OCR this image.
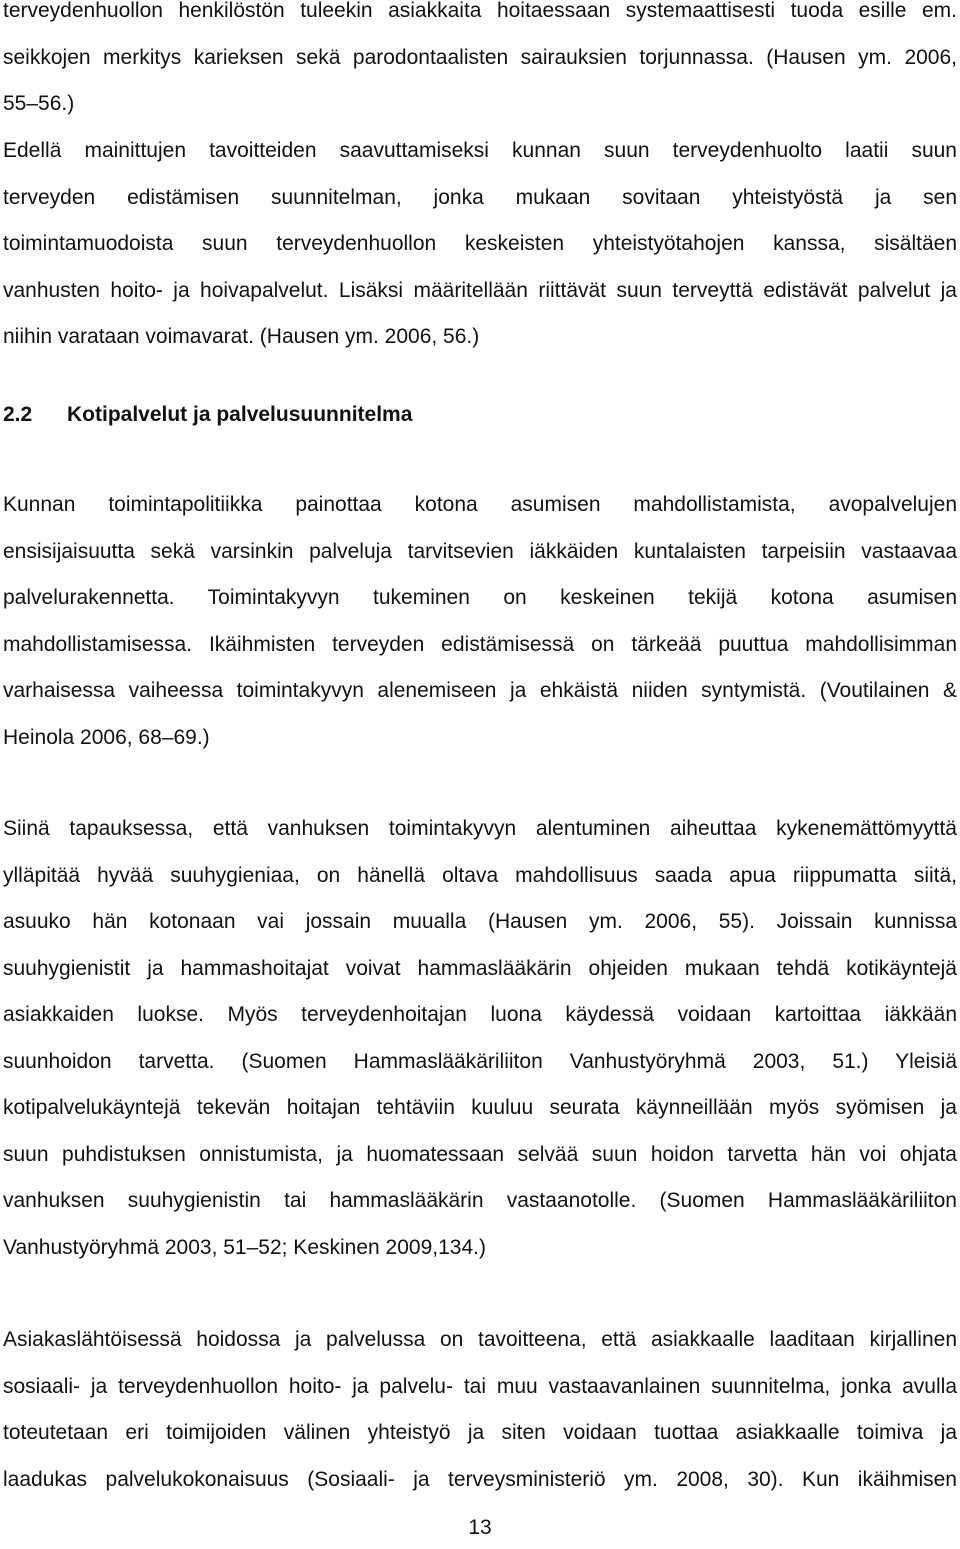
terveydenhuollon henkilöstön tuleekin asiakkaita hoitaessaan systemaattisesti tuoda esille em.
seikkojen merkitys karieksen sekä parodontaalisten sairauksien torjunnassa. (Hausen ym. 2006,
55–56.)
Edellä mainittujen tavoitteiden saavuttamiseksi kunnan suun terveydenhuolto laatii suun
terveyden edistämisen suunnitelman, jonka mukaan sovitaan yhteistyöstä ja sen
toimintamuodoista suun terveydenhuollon keskeisten yhteistyötahojen kanssa, sisältäen
vanhusten hoito- ja hoivapalvelut. Lisäksi määritellään riittävät suun terveyttä edistävät palvelut ja
niihin varataan voimavarat. (Hausen ym. 2006, 56.)
2.2 Kotipalvelut ja palvelusuunnitelma
Kunnan toimintapolitiikka painottaa kotona asumisen mahdollistamista, avopalvelujen
ensisijaisuutta sekä varsinkin palveluja tarvitsevien iäkkäiden kuntalaisten tarpeisiin vastaavaa
palvelurakennetta. Toimintakyvyn tukeminen on keskeinen tekijä kotona asumisen
mahdollistamisessa. Ikäihmisten terveyden edistämisessä on tärkeää puuttua mahdollisimman
varhaisessa vaiheessa toimintakyvyn alenemiseen ja ehkäistä niiden syntymistä. (Voutilainen &
Heinola 2006, 68–69.)
Siinä tapauksessa, että vanhuksen toimintakyvyn alentuminen aiheuttaa kykenemättömyyttä
ylläpitää hyvää suuhygieniaa, on hänellä oltava mahdollisuus saada apua riippumatta siitä,
asuuko hän kotonaan vai jossain muualla (Hausen ym. 2006, 55). Joissain kunnissa
suuhygienistit ja hammashoitajat voivat hammaslääkärin ohjeiden mukaan tehdä kotikäyntejä
asiakkaiden luokse. Myös terveydenhoitajan luona käydessä voidaan kartoittaa iäkkään
suunhoidon tarvetta. (Suomen Hammaslääkäriliiton Vanhustyöryhmä 2003, 51.) Yleisiä
kotipalvelukäyntejä tekevän hoitajan tehtäviin kuuluu seurata käynneillään myös syömisen ja
suun puhdistuksen onnistumista, ja huomatessaan selvää suun hoidon tarvetta hän voi ohjata
vanhuksen suuhygienistin tai hammaslääkärin vastaanotolle. (Suomen Hammaslääkäriliiton
Vanhustyöryhmä 2003, 51–52; Keskinen 2009,134.)
Asiakaslähtöisessä hoidossa ja palvelussa on tavoitteena, että asiakkaalle laaditaan kirjallinen
sosiaali- ja terveydenhuollon hoito- ja palvelu- tai muu vastaavanlainen suunnitelma, jonka avulla
toteutetaan eri toimijoiden välinen yhteistyö ja siten voidaan tuottaa asiakkaalle toimiva ja
laadukas palvelukokonaisuus (Sosiaali- ja terveysministeriö ym. 2008, 30). Kun ikäihmisen
13
